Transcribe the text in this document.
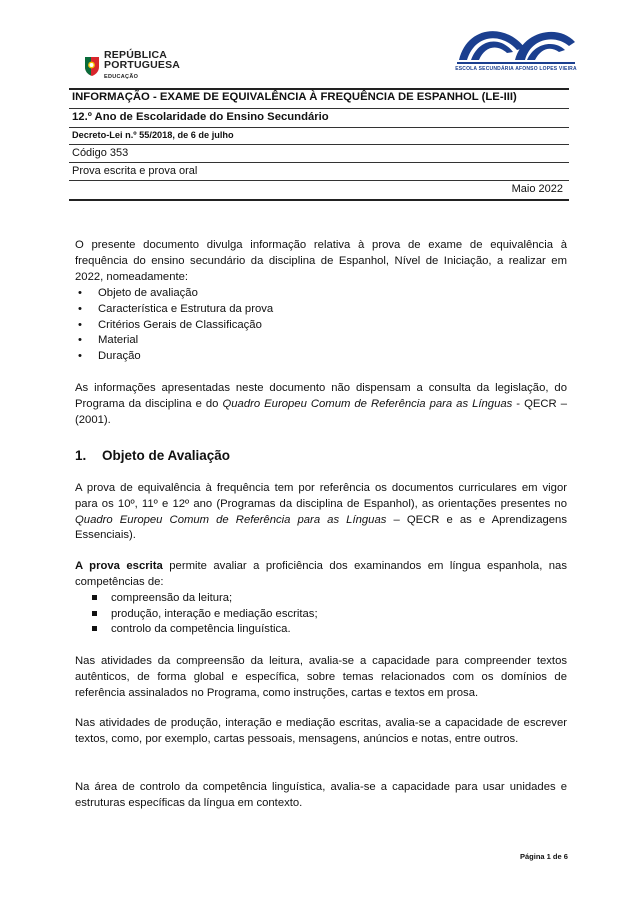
REPÚBLICA
PORTUGUESA
EDUCAÇÃO
ESCOLA SECUNDÁRIA AFONSO LOPES VIEIRA
INFORMAÇÃO - EXAME DE EQUIVALÊNCIA À FREQUÊNCIA DE ESPANHOL (LE-III)
12.º Ano de Escolaridade do Ensino Secundário
Decreto-Lei n.º 55/2018, de 6 de julho
Código 353
Prova escrita e prova oral
Maio 2022
O presente documento divulga informação relativa à prova de exame de equivalência à frequência do ensino secundário da disciplina de Espanhol, Nível de Iniciação, a realizar em 2022, nomeadamente:
• Objeto de avaliação
• Característica e Estrutura da prova
• Critérios Gerais de Classificação
• Material
• Duração
As informações apresentadas neste documento não dispensam a consulta da legislação, do Programa da disciplina e do Quadro Europeu Comum de Referência para as Línguas - QECR – (2001).
1. Objeto de Avaliação
A prova de equivalência à frequência tem por referência os documentos curriculares em vigor para os 10º, 11º e 12º ano (Programas da disciplina de Espanhol), as orientações presentes no Quadro Europeu Comum de Referência para as Línguas – QECR e as e Aprendizagens Essenciais).
A prova escrita permite avaliar a proficiência dos examinandos em língua espanhola, nas competências de:
compreensão da leitura;
produção, interação e mediação escritas;
controlo da competência linguística.
Nas atividades da compreensão da leitura, avalia-se a capacidade para compreender textos autênticos, de forma global e específica, sobre temas relacionados com os domínios de referência assinalados no Programa, como instruções, cartas e textos em prosa.
Nas atividades de produção, interação e mediação escritas, avalia-se a capacidade de escrever textos, como, por exemplo, cartas pessoais, mensagens, anúncios e notas, entre outros.
Na área de controlo da competência linguística, avalia-se a capacidade para usar unidades e estruturas específicas da língua em contexto.
Página 1 de 6
